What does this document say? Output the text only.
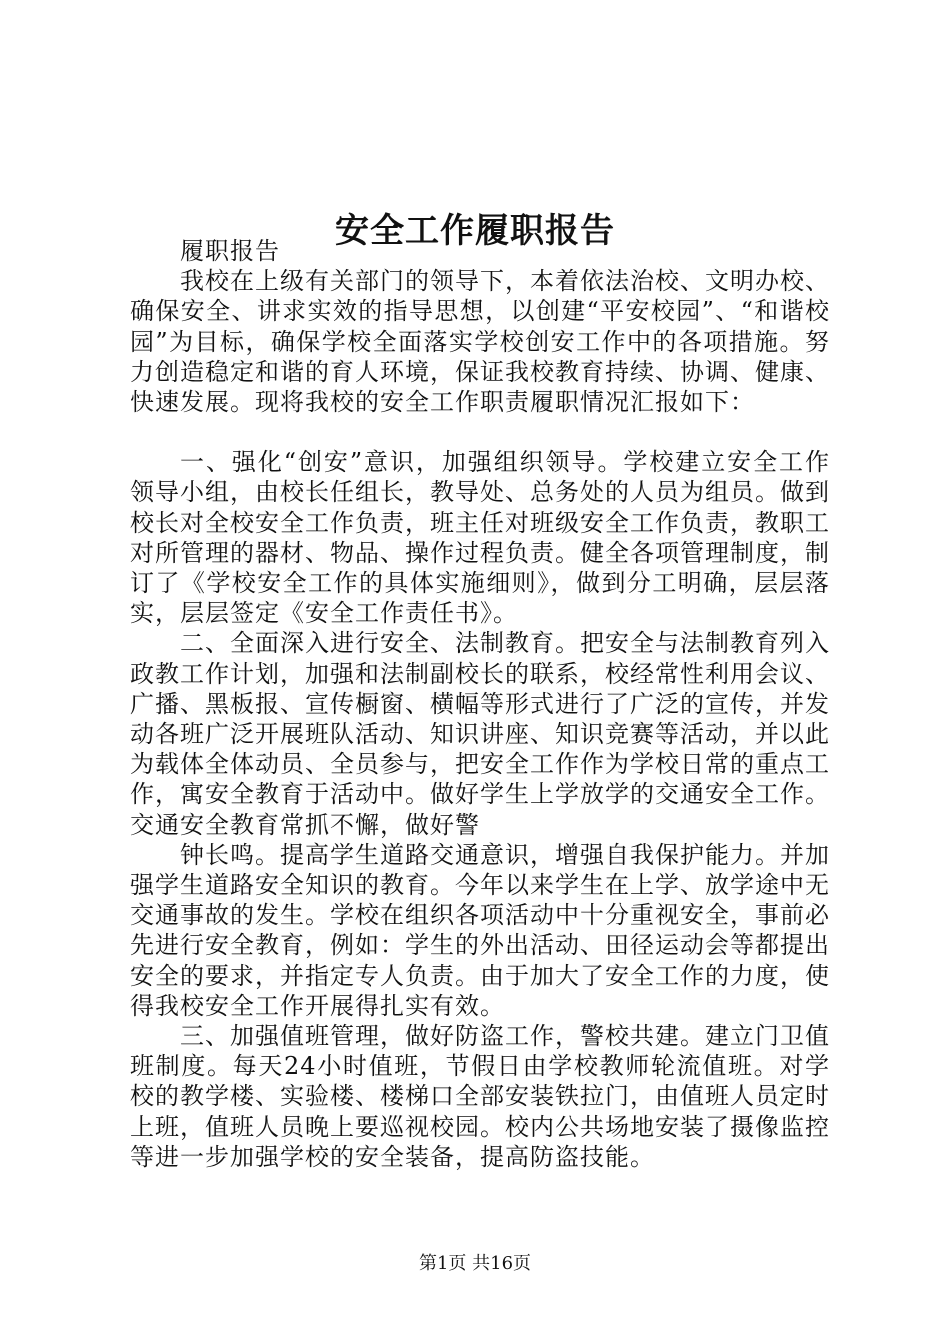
安全工作履职报告

履职报告

我校在上级有关部门的领导下，本着依法治校、文明办校、确保安全、讲求实效的指导思想，以创建“平安校园”、“和谐校园”为目标，确保学校全面落实学校创安工作中的各项措施。努力创造稳定和谐的育人环境，保证我校教育持续、协调、健康、快速发展。现将我校的安全工作职责履职情况汇报如下：

一、强化“创安”意识，加强组织领导。学校建立安全工作领导小组，由校长任组长，教导处、总务处的人员为组员。做到校长对全校安全工作负责，班主任对班级安全工作负责，教职工对所管理的器材、物品、操作过程负责。健全各项管理制度，制订了《学校安全工作的具体实施细则》，做到分工明确，层层落实，层层签定《安全工作责任书》。

二、全面深入进行安全、法制教育。把安全与法制教育列入政教工作计划，加强和法制副校长的联系，校经常性利用会议、广播、黑板报、宣传橱窗、横幅等形式进行了广泛的宣传，并发动各班广泛开展班队活动、知识讲座、知识竞赛等活动，并以此为载体全体动员、全员参与，把安全工作作为学校日常的重点工作，寓安全教育于活动中。做好学生上学放学的交通安全工作。交通安全教育常抓不懈，做好警

钟长鸣。提高学生道路交通意识，增强自我保护能力。并加强学生道路安全知识的教育。今年以来学生在上学、放学途中无交通事故的发生。学校在组织各项活动中十分重视安全，事前必先进行安全教育，例如：学生的外出活动、田径运动会等都提出安全的要求，并指定专人负责。由于加大了安全工作的力度，使得我校安全工作开展得扎实有效。

三、加强值班管理，做好防盗工作，警校共建。建立门卫值班制度。每天24小时值班，节假日由学校教师轮流值班。对学校的教学楼、实验楼、楼梯口全部安装铁拉门，由值班人员定时上班，值班人员晚上要巡视校园。校内公共场地安装了摄像监控等进一步加强学校的安全装备，提高防盗技能。

第1页 共16页
